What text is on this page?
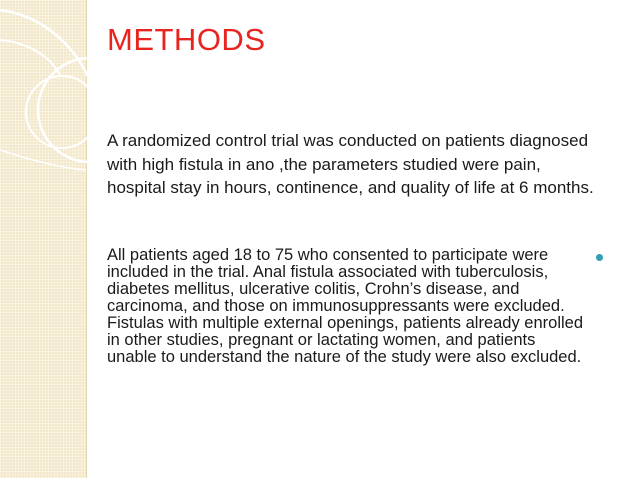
METHODS

A randomized control trial was conducted on patients diagnosed with high fistula in ano ,the parameters studied were pain, hospital stay in hours, continence, and quality of life at 6 months.

All patients aged 18 to 75 who consented to participate were included in the trial. Anal fistula associated with tuberculosis, diabetes mellitus, ulcerative colitis, Crohn’s disease, and carcinoma, and those on immunosuppressants were excluded. Fistulas with multiple external openings, patients already enrolled in other studies, pregnant or lactating women, and patients unable to understand the nature of the study were also excluded.
